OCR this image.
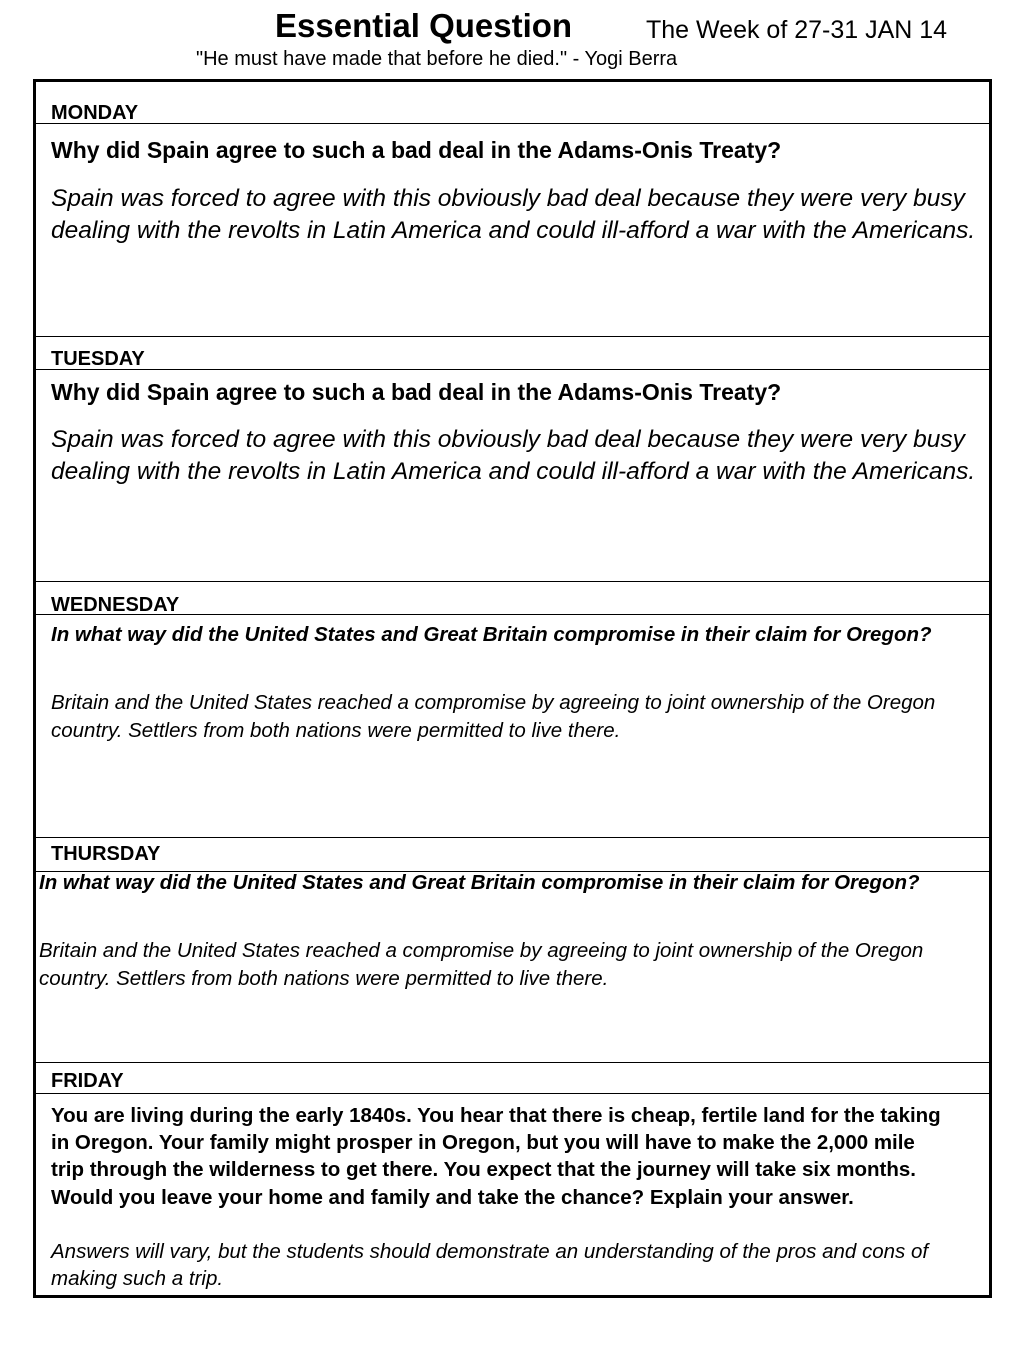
Essential Question	The Week of 27-31 JAN 14
"He must have made that before he died." - Yogi Berra
MONDAY
Why did Spain agree to such a bad deal in the Adams-Onis Treaty?
Spain was forced to agree with this obviously bad deal because they were very busy dealing with the revolts in Latin America and could ill-afford a war with the Americans.
TUESDAY
Why did Spain agree to such a bad deal in the Adams-Onis Treaty?
Spain was forced to agree with this obviously bad deal because they were very busy dealing with the revolts in Latin America and could ill-afford a war with the Americans.
WEDNESDAY
In what way did the United States and Great Britain compromise in their claim for Oregon?
Britain and the United States reached a compromise by agreeing to joint ownership of the Oregon country. Settlers from both nations were permitted to live there.
THURSDAY
In what way did the United States and Great Britain compromise in their claim for Oregon?
Britain and the United States reached a compromise by agreeing to joint ownership of the Oregon country. Settlers from both nations were permitted to live there.
FRIDAY
You are living during the early 1840s. You hear that there is cheap, fertile land for the taking in Oregon. Your family might prosper in Oregon, but you will have to make the 2,000 mile trip through the wilderness to get there. You expect that the journey will take six months. Would you leave your home and family and take the chance? Explain your answer.
Answers will vary, but the students should demonstrate an understanding of the pros and cons of making such a trip.
